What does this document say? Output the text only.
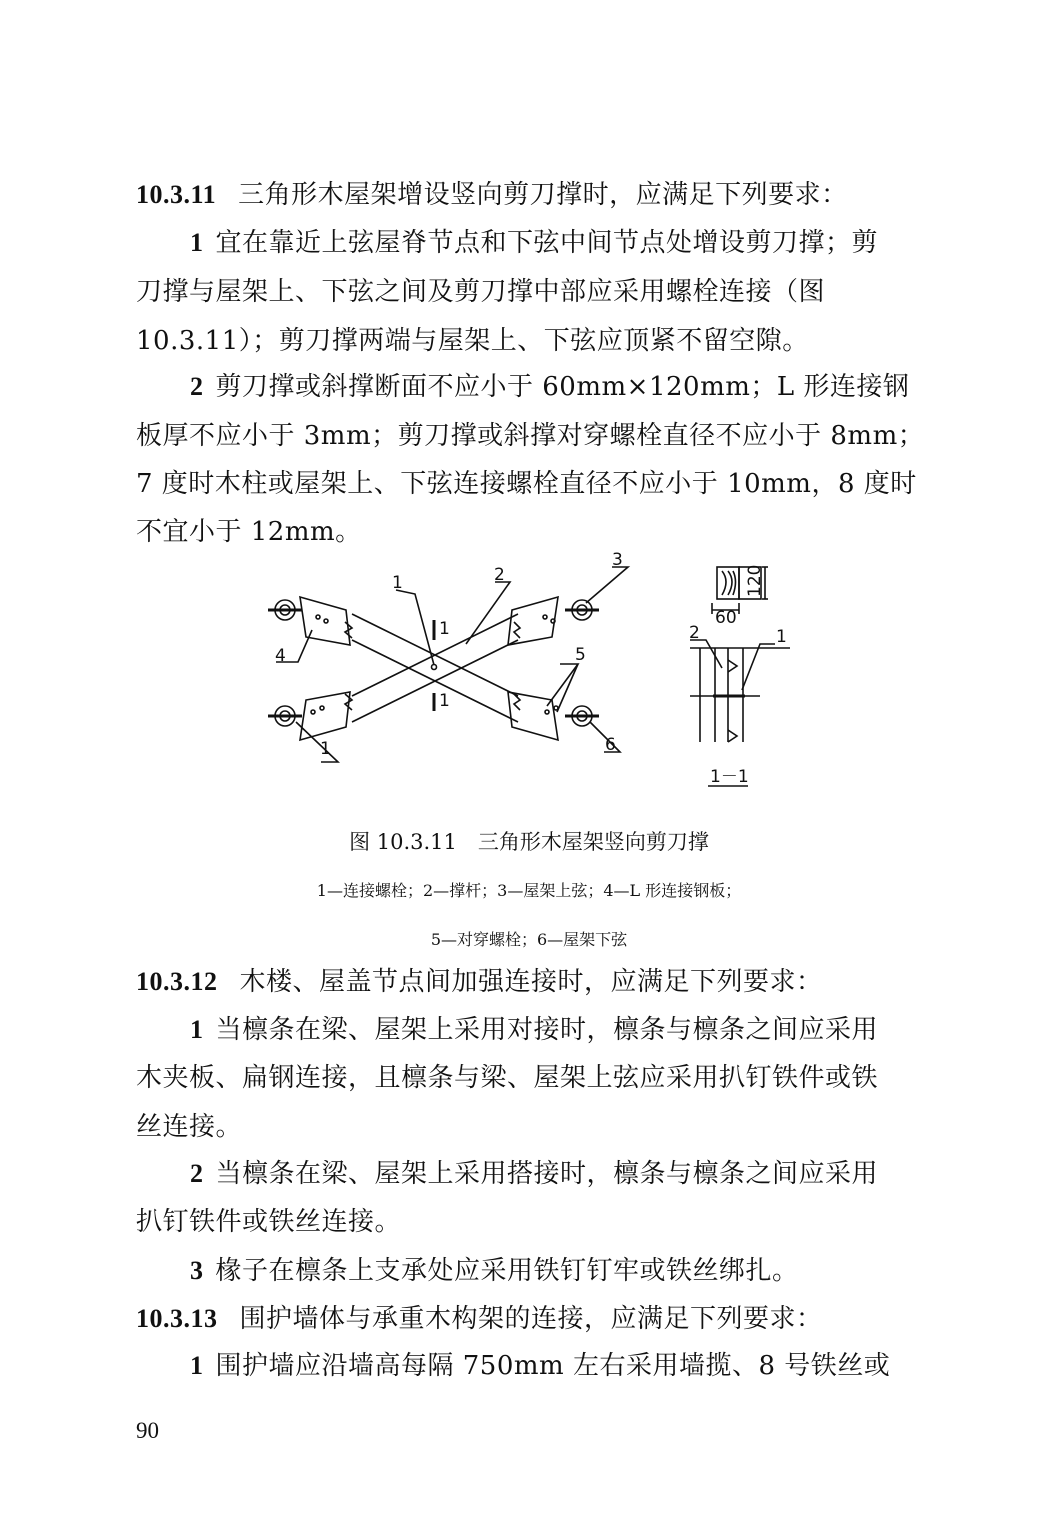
10.3.11 三角形木屋架增设竖向剪刀撑时，应满足下列要求：
1 宜在靠近上弦屋脊节点和下弦中间节点处增设剪刀撑；剪
刀撑与屋架上、下弦之间及剪刀撑中部应采用螺栓连接（图
10.3.11）；剪刀撑两端与屋架上、下弦应顶紧不留空隙。
2 剪刀撑或斜撑断面不应小于 60mm×120mm；L 形连接钢
板厚不应小于 3mm；剪刀撑或斜撑对穿螺栓直径不应小于 8mm；
7 度时木柱或屋架上、下弦连接螺栓直径不应小于 10mm，8 度时
不宜小于 12mm。
1	2
3
4	5
6
1
1
1
120
60
2	1
1－1
图 10.3.11　三角形木屋架竖向剪刀撑
1—连接螺栓；2—撑杆；3—屋架上弦；4—L 形连接钢板；
5—对穿螺栓；6—屋架下弦
10.3.12 木楼、屋盖节点间加强连接时，应满足下列要求：
1 当檩条在梁、屋架上采用对接时，檩条与檩条之间应采用
木夹板、扁钢连接，且檩条与梁、屋架上弦应采用扒钉铁件或铁
丝连接。
2 当檩条在梁、屋架上采用搭接时，檩条与檩条之间应采用
扒钉铁件或铁丝连接。
3 椽子在檩条上支承处应采用铁钉钉牢或铁丝绑扎。
10.3.13 围护墙体与承重木构架的连接，应满足下列要求：
1 围护墙应沿墙高每隔 750mm 左右采用墙揽、8 号铁丝或
90
